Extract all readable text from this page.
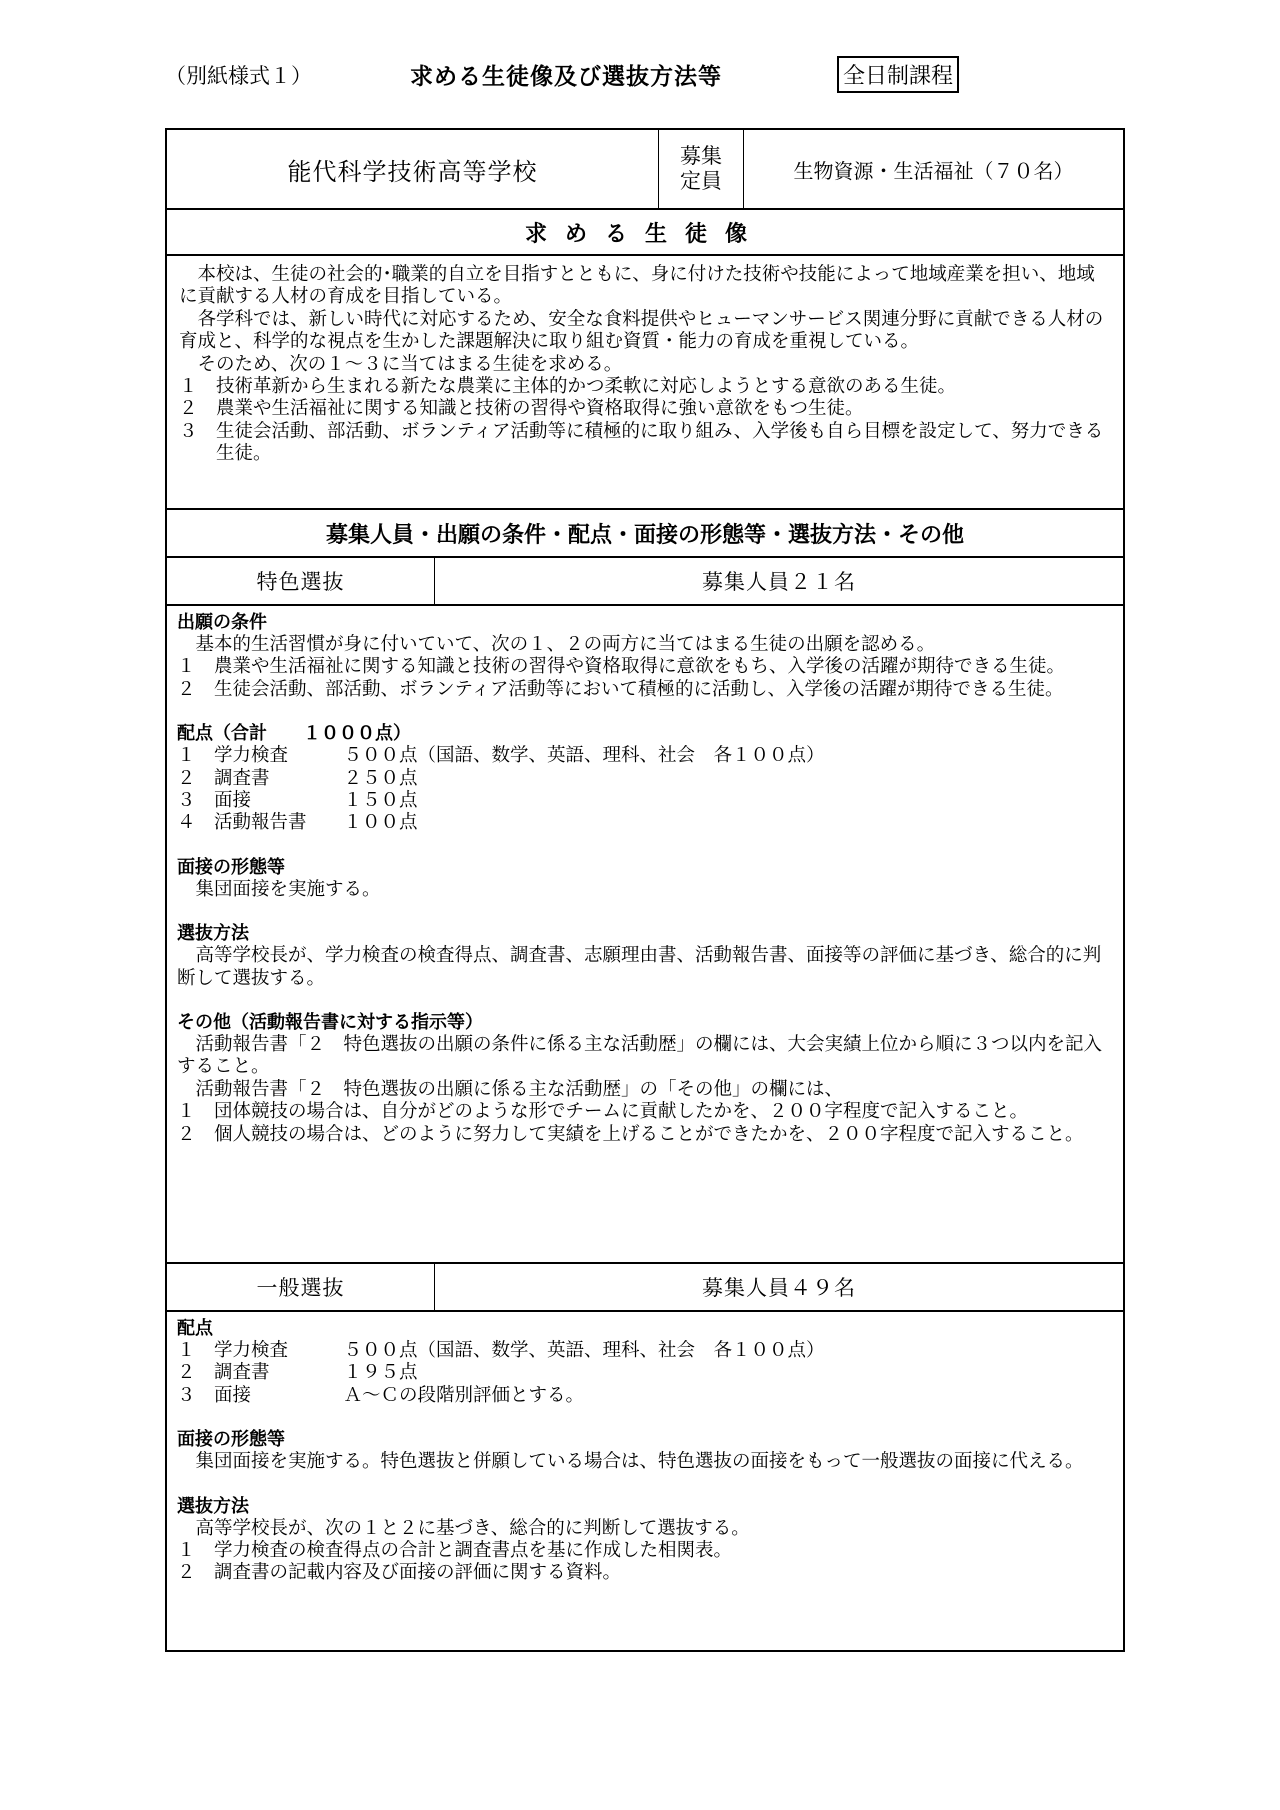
（別紙様式１）	求める生徒像及び選抜方法等	全日制課程
能代科学技術高等学校
募集
定員	生物資源・生活福祉（７０名）
求める生徒像

本校は、生徒の社会的･職業的自立を目指すとともに、身に付けた技術や技能によって地域産業を担い、地域に貢献する人材の育成を目指している。

各学科では、新しい時代に対応するため、安全な食料提供やヒューマンサービス関連分野に貢献できる人材の育成と、科学的な視点を生かした課題解決に取り組む資質・能力の育成を重視している。

そのため、次の１～３に当てはまる生徒を求める。

１ 技術革新から生まれる新たな農業に主体的かつ柔軟に対応しようとする意欲のある生徒。
２ 農業や生活福祉に関する知識と技術の習得や資格取得に強い意欲をもつ生徒。
３ 生徒会活動、部活動、ボランティア活動等に積極的に取り組み、入学後も自ら目標を設定して、努力できる生徒。
募集人員・出願の条件・配点・面接の形態等・選抜方法・その他
特色選抜	募集人員２１名

出願の条件

基本的生活習慣が身に付いていて、次の１、２の両方に当てはまる生徒の出願を認める。

１ 農業や生活福祉に関する知識と技術の習得や資格取得に意欲をもち、入学後の活躍が期待できる生徒。
２ 生徒会活動、部活動、ボランティア活動等において積極的に活動し、入学後の活躍が期待できる生徒。

配点（合計　　１０００点）

１ 学力検査	５００点（国語、数学、英語、理科、社会　各１００点）
２ 調査書	２５０点
３ 面接	１５０点
４ 活動報告書	１００点

面接の形態等

集団面接を実施する。

選抜方法

高等学校長が、学力検査の検査得点、調査書、志願理由書、活動報告書、面接等の評価に基づき、総合的に判断して選抜する。

その他（活動報告書に対する指示等）

活動報告書「２　特色選抜の出願の条件に係る主な活動歴」の欄には、大会実績上位から順に３つ以内を記入すること。

活動報告書「２　特色選抜の出願に係る主な活動歴」の「その他」の欄には、

１ 団体競技の場合は、自分がどのような形でチームに貢献したかを、２００字程度で記入すること。
２ 個人競技の場合は、どのように努力して実績を上げることができたかを、２００字程度で記入すること。
一般選抜	募集人員４９名

配点

１ 学力検査	５００点（国語、数学、英語、理科、社会　各１００点）
２ 調査書	１９５点
３ 面接	Ａ～Ｃの段階別評価とする。

面接の形態等

集団面接を実施する。特色選抜と併願している場合は、特色選抜の面接をもって一般選抜の面接に代える。

選抜方法

高等学校長が、次の１と２に基づき、総合的に判断して選抜する。

１ 学力検査の検査得点の合計と調査書点を基に作成した相関表。
２ 調査書の記載内容及び面接の評価に関する資料。
